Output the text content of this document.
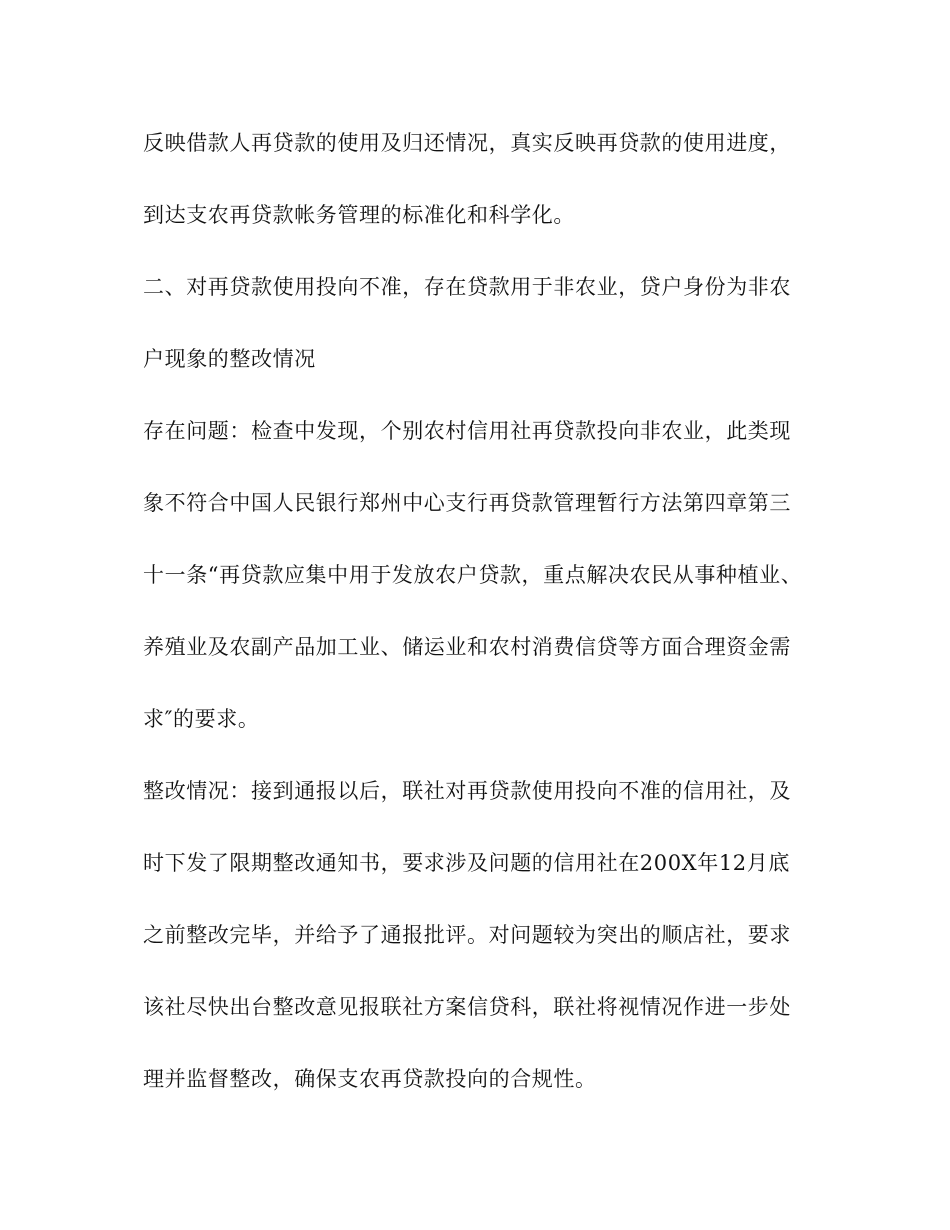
反映借款人再贷款的使用及归还情况，真实反映再贷款的使用进度，

到达支农再贷款帐务管理的标准化和科学化。

二、对再贷款使用投向不准，存在贷款用于非农业，贷户身份为非农

户现象的整改情况

存在问题：检查中发现，个别农村信用社再贷款投向非农业，此类现

象不符合中国人民银行郑州中心支行再贷款管理暂行方法第四章第三

十一条“再贷款应集中用于发放农户贷款，重点解决农民从事种植业、

养殖业及农副产品加工业、储运业和农村消费信贷等方面合理资金需

求″的要求。

整改情况：接到通报以后，联社对再贷款使用投向不准的信用社，及

时下发了限期整改通知书，要求涉及问题的信用社在200X年12月底

之前整改完毕，并给予了通报批评。对问题较为突出的顺店社，要求

该社尽快出台整改意见报联社方案信贷科，联社将视情况作进一步处

理并监督整改，确保支农再贷款投向的合规性。
